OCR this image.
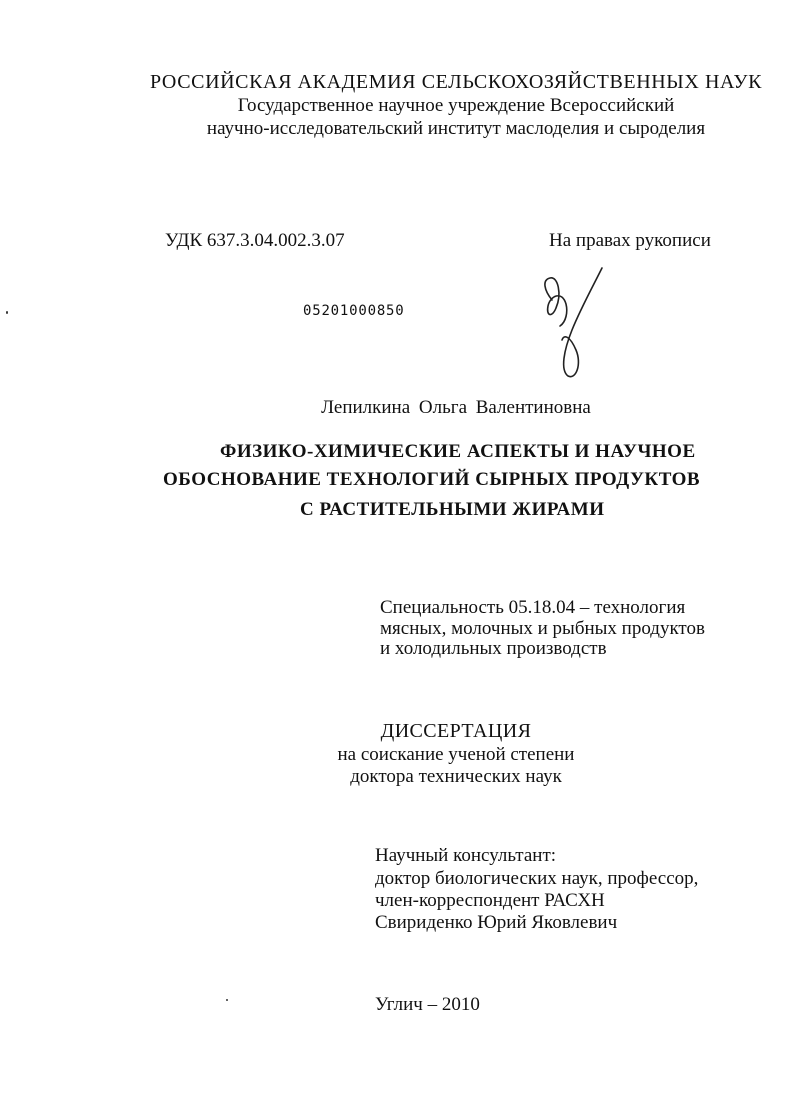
РОССИЙСКАЯ АКАДЕМИЯ СЕЛЬСКОХОЗЯЙСТВЕННЫХ НАУК
Государственное научное учреждение Всероссийский
научно-исследовательский институт маслоделия и сыроделия
УДК 637.3.04.002.3.07	На правах рукописи
05201000850
Лепилкина Ольга Валентиновна
ФИЗИКО-ХИМИЧЕСКИЕ АСПЕКТЫ И НАУЧНОЕ
ОБОСНОВАНИЕ ТЕХНОЛОГИЙ СЫРНЫХ ПРОДУКТОВ
С РАСТИТЕЛЬНЫМИ ЖИРАМИ
Специальность 05.18.04 – технология
мясных, молочных и рыбных продуктов
и холодильных производств
ДИССЕРТАЦИЯ
на соискание ученой степени
доктора технических наук
Научный консультант:
доктор биологических наук, профессор,
член-корреспондент РАСХН
Свириденко Юрий Яковлевич
Углич – 2010
